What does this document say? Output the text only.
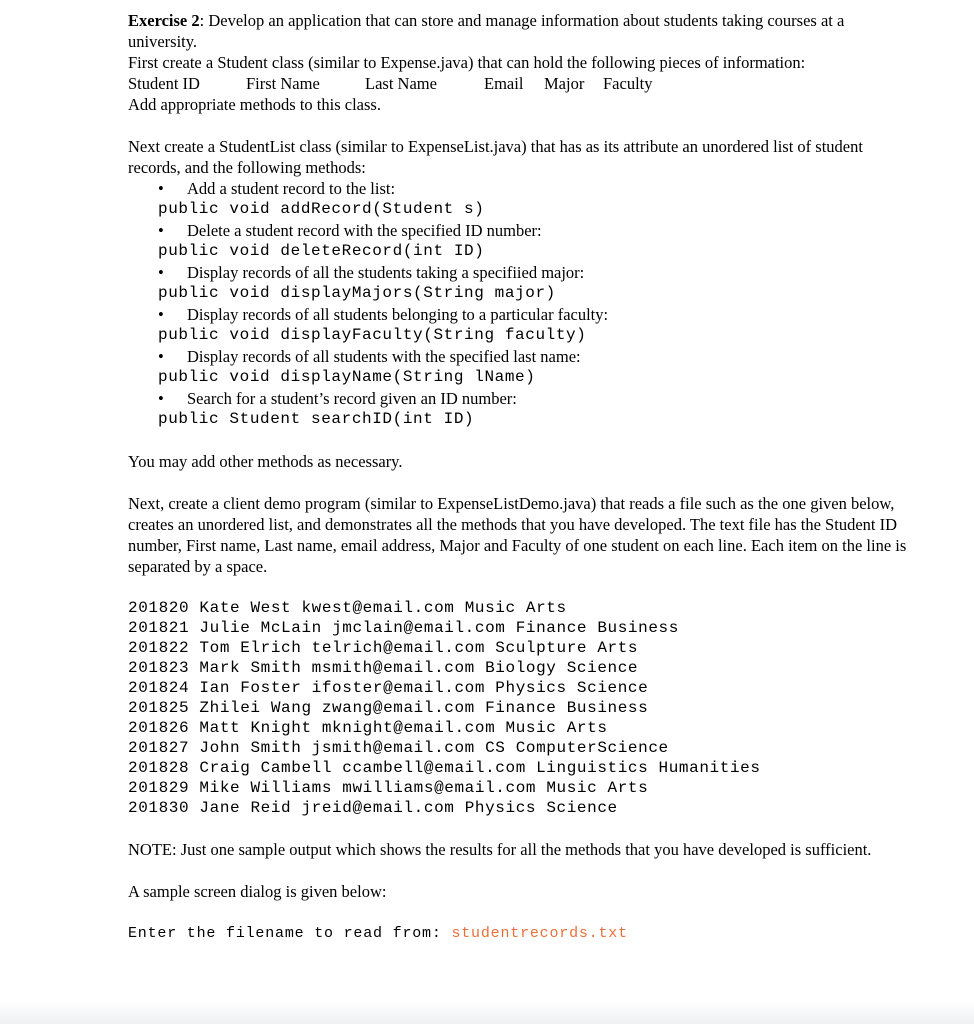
Exercise 2: Develop an application that can store and manage information about students taking courses at a university.

First create a Student class (similar to Expense.java) that can hold the following pieces of information:

Student ID	First Name	Last Name	Email Major Faculty

Add appropriate methods to this class.

Next create a StudentList class (similar to ExpenseList.java) that has as its attribute an unordered list of student records, and the following methods:

• Add a student record to the list:
public void addRecord(Student s)
• Delete a student record with the specified ID number:
public void deleteRecord(int ID)
• Display records of all the students taking a specifiied major:
public void displayMajors(String major)
• Display records of all students belonging to a particular faculty:
public void displayFaculty(String faculty)
• Display records of all students with the specified last name:
public void displayName(String lName)
• Search for a student’s record given an ID number:
public Student searchID(int ID)

You may add other methods as necessary.

Next, create a client demo program (similar to ExpenseListDemo.java) that reads a file such as the one given below, creates an unordered list, and demonstrates all the methods that you have developed. The text file has the Student ID number, First name, Last name, email address, Major and Faculty of one student on each line. Each item on the line is separated by a space.

201820 Kate West kwest@email.com Music Arts
201821 Julie McLain jmclain@email.com Finance Business
201822 Tom Elrich telrich@email.com Sculpture Arts
201823 Mark Smith msmith@email.com Biology Science
201824 Ian Foster ifoster@email.com Physics Science
201825 Zhilei Wang zwang@email.com Finance Business
201826 Matt Knight mknight@email.com Music Arts
201827 John Smith jsmith@email.com CS ComputerScience
201828 Craig Cambell ccambell@email.com Linguistics Humanities
201829 Mike Williams mwilliams@email.com Music Arts
201830 Jane Reid jreid@email.com Physics Science

NOTE: Just one sample output which shows the results for all the methods that you have developed is sufficient.

A sample screen dialog is given below:

Enter the filename to read from: studentrecords.txt
